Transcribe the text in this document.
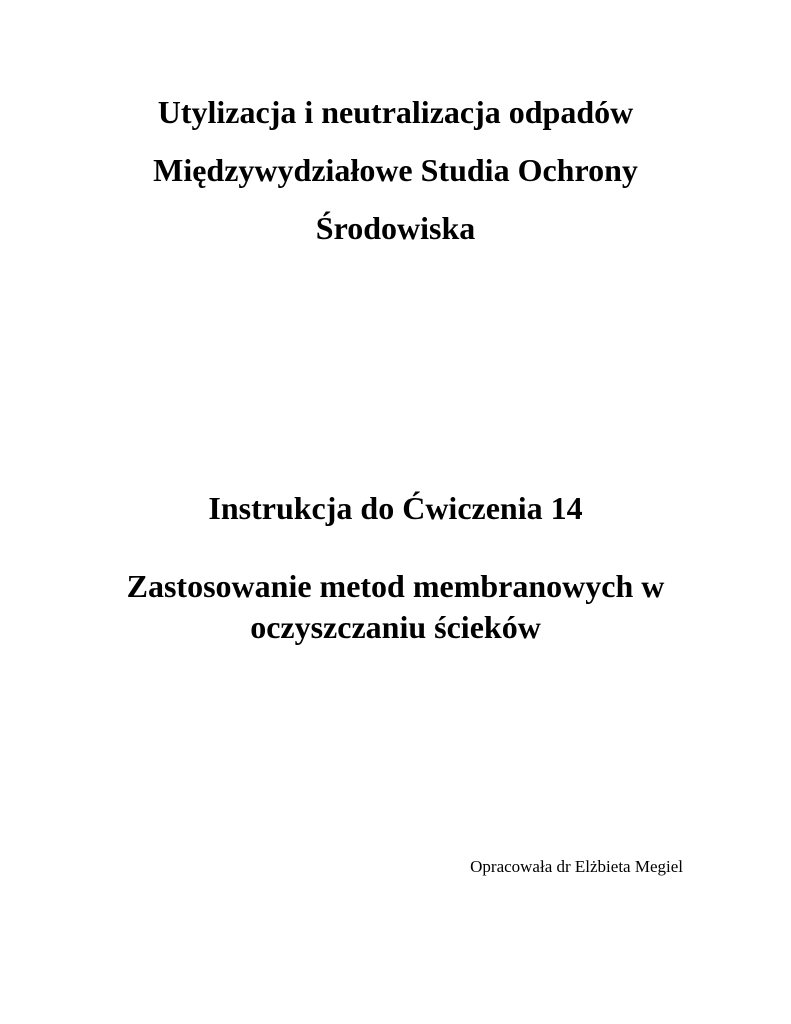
Utylizacja i neutralizacja odpadów
Międzywydziałowe Studia Ochrony
Środowiska
Instrukcja do Ćwiczenia 14
Zastosowanie metod membranowych w
oczyszczaniu ścieków
Opracowała dr Elżbieta Megiel
